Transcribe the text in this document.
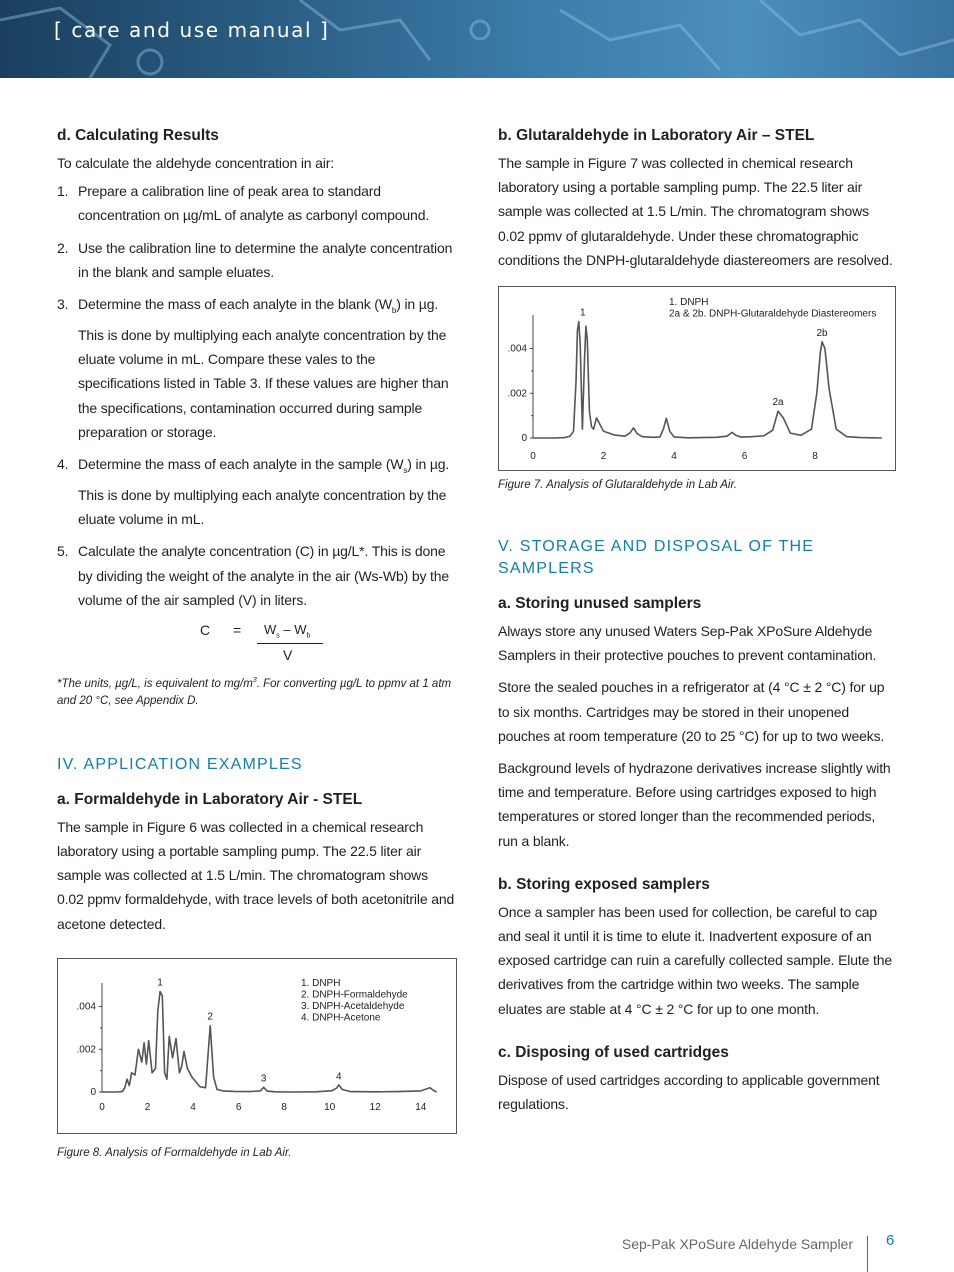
[ care and use manual ]

d. Calculating Results

To calculate the aldehyde concentration in air:

1. Prepare a calibration line of peak area to standard concentration on µg/mL of analyte as carbonyl compound.
2. Use the calibration line to determine the analyte concentration in the blank and sample eluates.
3. Determine the mass of each analyte in the blank $(W_b)$ in µg. This is done by multiplying each analyte concentration by the eluate volume in mL. Compare these vales to the specifications listed in Table 3. If these values are higher than the specifications, contamination occurred during sample preparation or storage.
4. Determine the mass of each analyte in the sample $(W_s)$ in µg. This is done by multiplying each analyte concentration by the eluate volume in mL.
5. Calculate the analyte concentration (C) in µg/L*. This is done by dividing the weight of the analyte in the air (Ws-Wb) by the volume of the air sampled (V) in liters.
$C = W_s - W_b$
V

*The units, µg/L, is equivalent to $mg/m^3$. For converting µg/L to ppmv at 1 atm and 20 °C, see Appendix D.

IV. APPLICATION EXAMPLES

a. Formaldehyde in Laboratory Air - STEL

The sample in Figure 6 was collected in a chemical research laboratory using a portable sampling pump. The 22.5 liter air sample was collected at 1.5 L/min. The chromatogram shows 0.02 ppmv formaldehyde, with trace levels of both acetonitrile and acetone detected.

0
.002
.004
0	2	4	6	8	10	12	14
1
2
3	4
1. DNPH
2. DNPH-Formaldehyde
3. DNPH-Acetaldehyde
4. DNPH-Acetone

Figure 8. Analysis of Formaldehyde in Lab Air.

b. Glutaraldehyde in Laboratory Air – STEL

The sample in Figure 7 was collected in chemical research laboratory using a portable sampling pump. The 22.5 liter air sample was collected at 1.5 L/min. The chromatogram shows 0.02 ppmv of glutaraldehyde. Under these chromatographic conditions the DNPH-glutaraldehyde diastereomers are resolved.

0
.002
.004
0	2	4	6	8
1
2a
2b
1. DNPH
2a & 2b. DNPH-Glutaraldehyde Diastereomers

Figure 7. Analysis of Glutaraldehyde in Lab Air.

V. STORAGE AND DISPOSAL OF THE SAMPLERS

a. Storing unused samplers

Always store any unused Waters Sep-Pak XPoSure Aldehyde Samplers in their protective pouches to prevent contamination.

Store the sealed pouches in a refrigerator at (4 °C ± 2 °C) for up to six months. Cartridges may be stored in their unopened pouches at room temperature (20 to 25 °C) for up to two weeks.

Background levels of hydrazone derivatives increase slightly with time and temperature. Before using cartridges exposed to high temperatures or stored longer than the recommended periods, run a blank.

b. Storing exposed samplers

Once a sampler has been used for collection, be careful to cap and seal it until it is time to elute it. Inadvertent exposure of an exposed cartridge can ruin a carefully collected sample. Elute the derivatives from the cartridge within two weeks. The sample eluates are stable at 4 °C ± 2 °C for up to one month.

c. Disposing of used cartridges

Dispose of used cartridges according to applicable government regulations.

Sep-Pak XPoSure Aldehyde Sampler 6
